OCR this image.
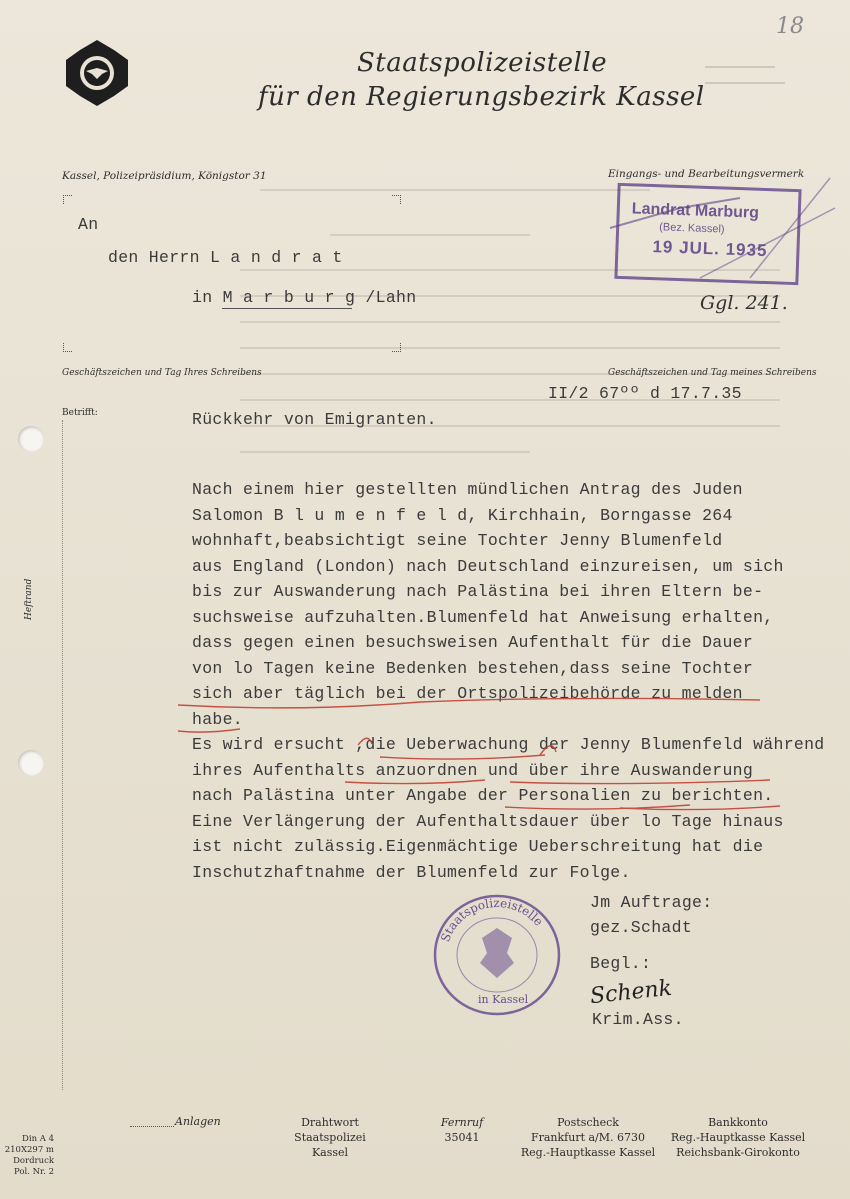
18
Staatspolizeistelle
für den Regierungsbezirk Kassel
Kassel, Polizeipräsidium, Königstor 31	Eingangs- und Bearbeitungsvermerk
An
den Herrn L a n d r a t
in M a r b u r g /Lahn
Landrat Marburg
(Bez. Kassel)
19 JUL. 1935
Ggl. 241.
Geschäftszeichen und Tag Ihres Schreibens	Geschäftszeichen und Tag meines Schreibens
II/2 67ºº d 17.7.35
Betrifft:	Rückkehr von Emigranten.
Heftrand
Nach einem hier gestellten mündlichen Antrag des Juden
Salomon B l u m e n f e l d, Kirchhain, Borngasse 264
wohnhaft,beabsichtigt seine Tochter Jenny Blumenfeld
aus England (London) nach Deutschland einzureisen, um sich
bis zur Auswanderung nach Palästina bei ihren Eltern be-
suchsweise aufzuhalten.Blumenfeld hat Anweisung erhalten,
dass gegen einen besuchsweisen Aufenthalt für die Dauer
von lo Tagen keine Bedenken bestehen,dass seine Tochter
sich aber täglich bei der Ortspolizeibehörde zu melden
habe.
Es wird ersucht ,die Ueberwachung der Jenny Blumenfeld während
ihres Aufenthalts anzuordnen und über ihre Auswanderung
nach Palästina unter Angabe der Personalien zu berichten.
Eine Verlängerung der Aufenthaltsdauer über lo Tage hinaus
ist nicht zulässig.Eigenmächtige Ueberschreitung hat die
Inschutzhaftnahme der Blumenfeld zur Folge.
Jm Auftrage:
gez.Schadt
Begl.:
Schenk
Krim.Ass.
Staatspolizeistelle
in Kassel
Anlagen	Drahtwort
Staatspolizei
Kassel
Fernruf
35041
Postscheck
Frankfurt a/M. 6730
Reg.-Hauptkasse Kassel
Bankkonto
Reg.-Hauptkasse Kassel
Reichsbank-Girokonto
Din A 4
210X297 m
Dordruck
Pol. Nr. 2
